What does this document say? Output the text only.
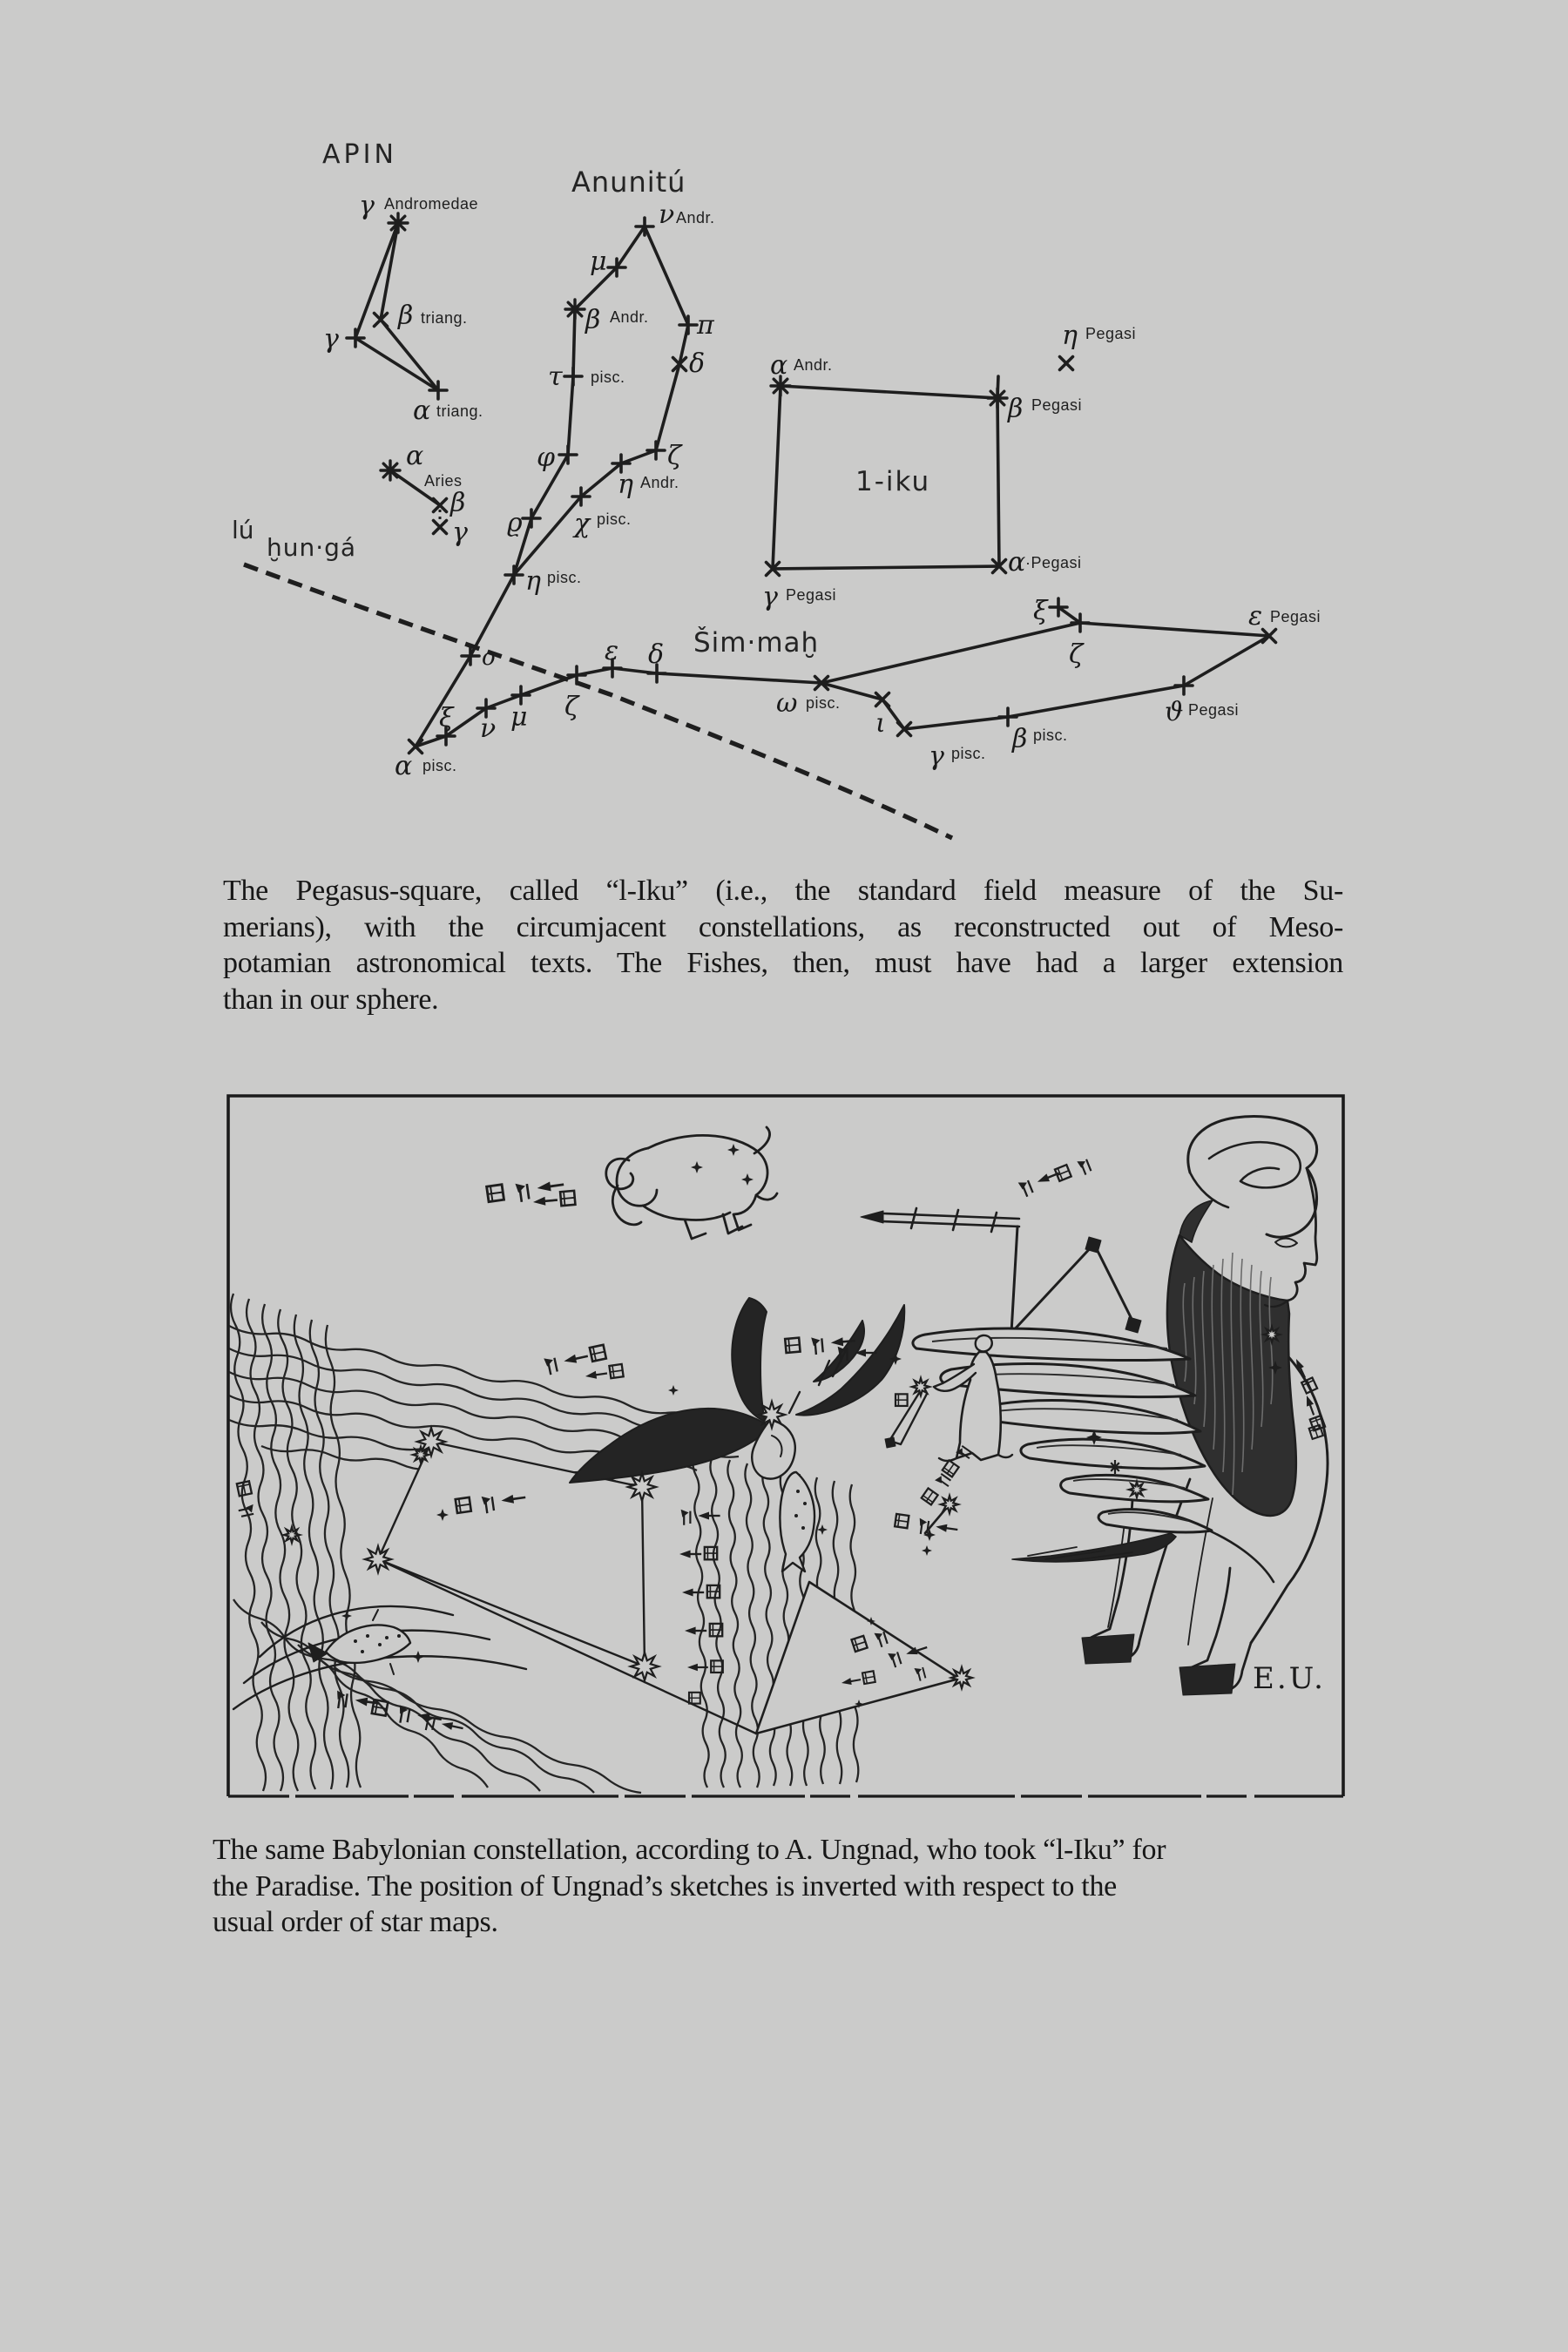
γ Andromedae
β triang.
γ
α triang.
ν Andr.
μ
β Andr. π
δ
τ pisc.
φ	ζ
η Andr.
χ pisc.
ϱ
η pisc.
α
Aries
β
γ
o
ξ ν μ ζ
ε δ
α pisc.
ω pisc.
ι
γ pisc. β pisc.
ξ
ζ
ε Pegasi
ϑ Pegasi
η Pegasi
α Andr.
β Pegasi
γ Pegasi
α ·Pegasi
APIN
Anunitú
1-iku
Šim·maḫ
lú
ḫun·gá
E.U.
The Pegasus-square, called “l-Iku” (i.e., the standard field measure of the Su-
merians), with the circumjacent constellations, as reconstructed out of Meso-
potamian astronomical texts. The Fishes, then, must have had a larger extension
than in our sphere.
The same Babylonian constellation, according to A. Ungnad, who took “l-Iku” for
the Paradise. The position of Ungnad’s sketches is inverted with respect to the
usual order of star maps.
